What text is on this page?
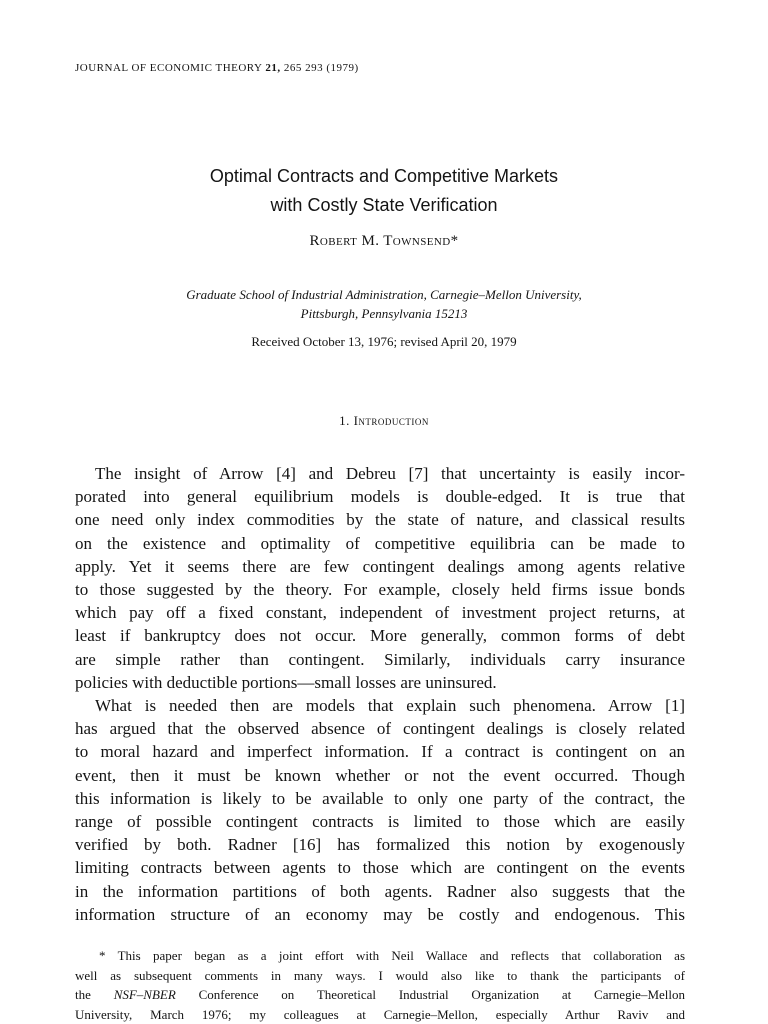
JOURNAL OF ECONOMIC THEORY 21, 265 293 (1979)
Optimal Contracts and Competitive Markets
with Costly State Verification
Robert M. Townsend*
Graduate School of Industrial Administration, Carnegie–Mellon University,
Pittsburgh, Pennsylvania 15213
Received October 13, 1976; revised April 20, 1979
1. Introduction
The insight of Arrow [4] and Debreu [7] that uncertainty is easily incor-
porated into general equilibrium models is double-edged. It is true that
one need only index commodities by the state of nature, and classical results
on the existence and optimality of competitive equilibria can be made to
apply. Yet it seems there are few contingent dealings among agents relative
to those suggested by the theory. For example, closely held firms issue bonds
which pay off a fixed constant, independent of investment project returns, at
least if bankruptcy does not occur. More generally, common forms of debt
are simple rather than contingent. Similarly, individuals carry insurance
policies with deductible portions—small losses are uninsured.
What is needed then are models that explain such phenomena. Arrow [1]
has argued that the observed absence of contingent dealings is closely related
to moral hazard and imperfect information. If a contract is contingent on an
event, then it must be known whether or not the event occurred. Though
this information is likely to be available to only one party of the contract, the
range of possible contingent contracts is limited to those which are easily
verified by both. Radner [16] has formalized this notion by exogenously
limiting contracts between agents to those which are contingent on the events
in the information partitions of both agents. Radner also suggests that the
information structure of an economy may be costly and endogenous. This
* This paper began as a joint effort with Neil Wallace and reflects that collaboration as
well as subsequent comments in many ways. I would also like to thank the participants of
the NSF–NBER Conference on Theoretical Industrial Organization at Carnegie–Mellon
University, March 1976; my colleagues at Carnegie–Mellon, especially Arthur Raviv and
